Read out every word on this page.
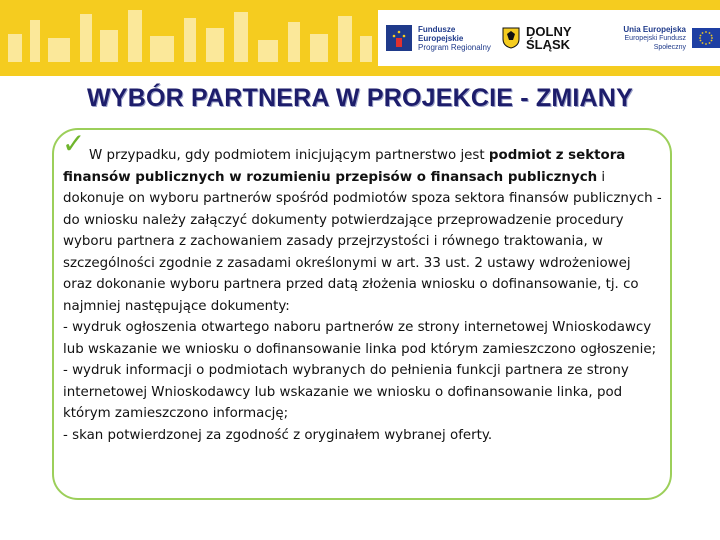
Fundusze
Europejskie
Program Regionalny
DOLNY
ŚLĄSK
Unia Europejska
Europejski Fundusz Społeczny
WYBÓR PARTNERA W PROJEKCIE - ZMIANY
✓ W przypadku, gdy podmiotem inicjującym partnerstwo jest podmiot z sektora finansów publicznych w rozumieniu przepisów o finansach publicznych i dokonuje on wyboru partnerów spośród podmiotów spoza sektora finansów publicznych - do wniosku należy załączyć dokumenty potwierdzające przeprowadzenie procedury wyboru partnera z zachowaniem zasady przejrzystości i równego traktowania, w szczególności zgodnie z zasadami określonymi w art. 33 ust. 2 ustawy wdrożeniowej oraz dokonanie wyboru partnera przed datą złożenia wniosku o dofinansowanie, tj. co najmniej następujące dokumenty:
- wydruk ogłoszenia otwartego naboru partnerów ze strony internetowej Wnioskodawcy lub wskazanie we wniosku o dofinansowanie linka pod którym zamieszczono ogłoszenie;
- wydruk informacji o podmiotach wybranych do pełnienia funkcji partnera ze strony internetowej Wnioskodawcy lub wskazanie we wniosku o dofinansowanie linka, pod którym zamieszczono informację;
- skan potwierdzonej za zgodność z oryginałem wybranej oferty.
